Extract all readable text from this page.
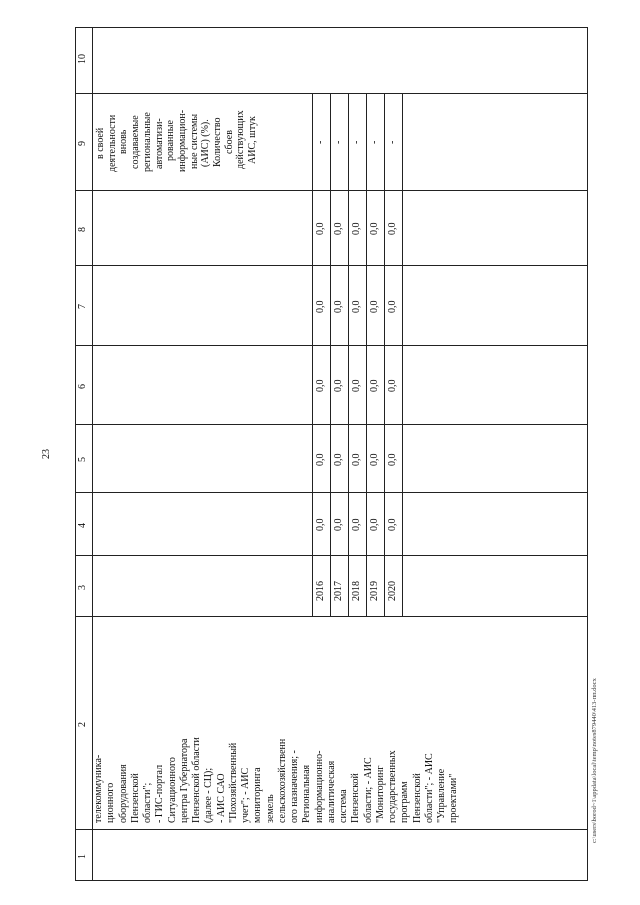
23
1
2
3
4
5
6
7
8
9
10
телекоммуника- ционного оборудования Пензенской области"; - ГИС-портал Ситуационного центра Губернатора Пензенской области (далее - СЦ); - АИС САО "Похозяйственный учет"; - АИС мониторинга земель сельскохозяйственн ого назначения; - Региональная информационно- аналитическая система Пензенской области; - АИС "Мониторинг государственных программ Пензенской области"; - АИС "Управление проектами"
в своей деятельности вновь создаваемые региональные автоматизи- рованные информацион- ные системы (АИС) (%). Количество сбоев действующих АИС, штук
2016
0,0
0,0
0,0
0,0
0,0
-
2017
0,0
0,0
0,0
0,0
0,0
-
2018
0,0
0,0
0,0
0,0
0,0
-
2019
0,0
0,0
0,0
0,0
0,0
-
2020
0,0
0,0
0,0
0,0
0,0
-
c:\users\borod~1\appdata\local\temp\notes879440\413-пп.docx
